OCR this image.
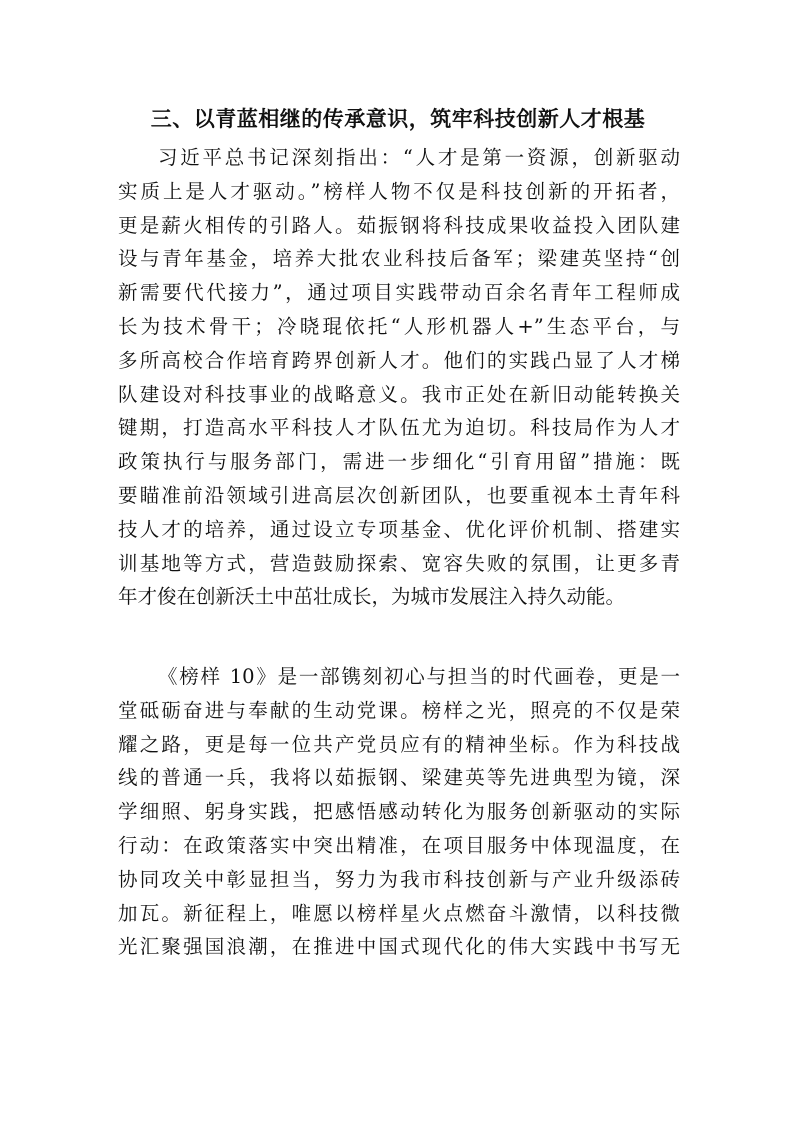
三、以青蓝相继的传承意识，筑牢科技创新人才根基
习近平总书记深刻指出：“人才是第一资源，创新驱动
实质上是人才驱动。”榜样人物不仅是科技创新的开拓者，
更是薪火相传的引路人。茹振钢将科技成果收益投入团队建
设与青年基金，培养大批农业科技后备军；梁建英坚持“创
新需要代代接力”，通过项目实践带动百余名青年工程师成
长为技术骨干；冷晓琨依托“人形机器人+”生态平台，与
多所高校合作培育跨界创新人才。他们的实践凸显了人才梯
队建设对科技事业的战略意义。我市正处在新旧动能转换关
键期，打造高水平科技人才队伍尤为迫切。科技局作为人才
政策执行与服务部门，需进一步细化“引育用留”措施：既
要瞄准前沿领域引进高层次创新团队，也要重视本土青年科
技人才的培养，通过设立专项基金、优化评价机制、搭建实
训基地等方式，营造鼓励探索、宽容失败的氛围，让更多青
年才俊在创新沃土中茁壮成长，为城市发展注入持久动能。
《榜样 10》是一部镌刻初心与担当的时代画卷，更是一
堂砥砺奋进与奉献的生动党课。榜样之光，照亮的不仅是荣
耀之路，更是每一位共产党员应有的精神坐标。作为科技战
线的普通一兵，我将以茹振钢、梁建英等先进典型为镜，深
学细照、躬身实践，把感悟感动转化为服务创新驱动的实际
行动：在政策落实中突出精准，在项目服务中体现温度，在
协同攻关中彰显担当，努力为我市科技创新与产业升级添砖
加瓦。新征程上，唯愿以榜样星火点燃奋斗激情，以科技微
光汇聚强国浪潮，在推进中国式现代化的伟大实践中书写无
